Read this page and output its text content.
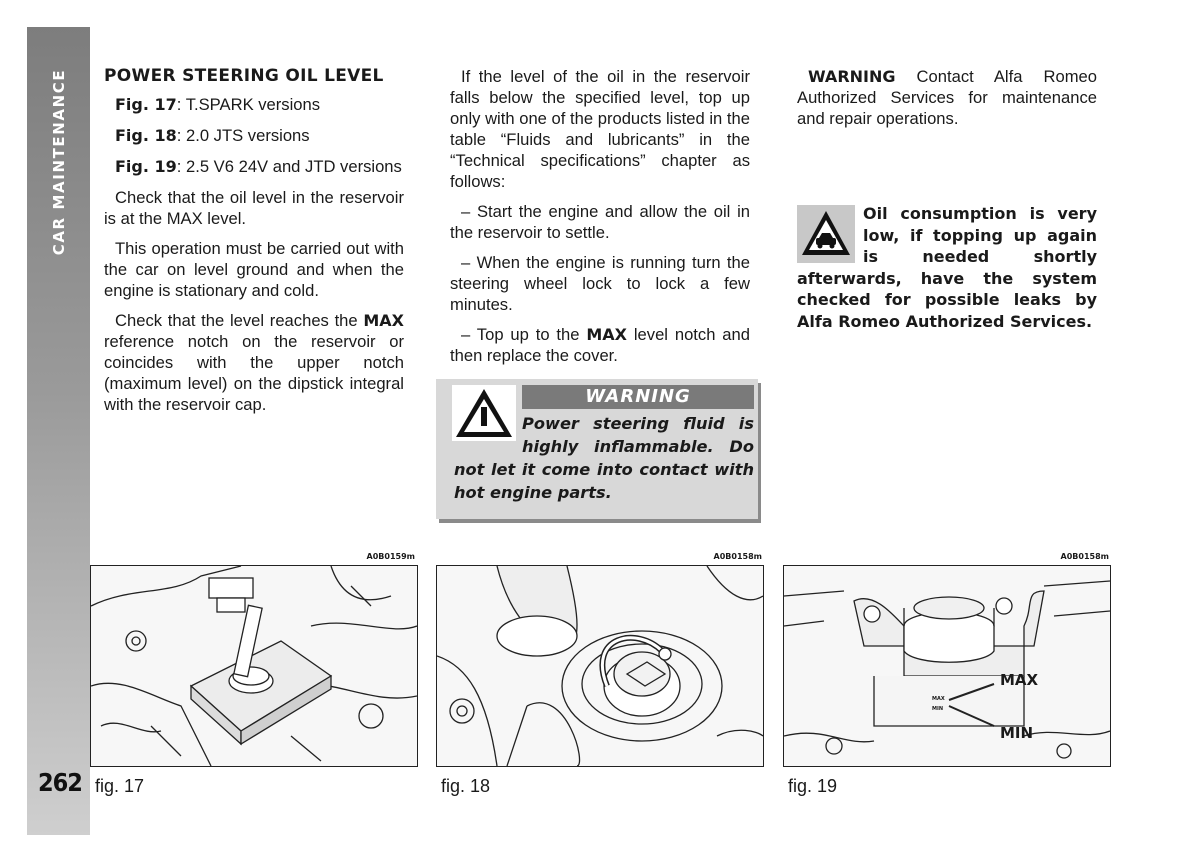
CAR MAINTENANCE
262

POWER STEERING OIL LEVEL

Fig. 17: T.SPARK versions

Fig. 18: 2.0 JTS versions

Fig. 19: 2.5 V6 24V and JTD versions

Check that the oil level in the reservoir is at the MAX level.

This operation must be carried out with the car on level ground and when the engine is stationary and cold.

Check that the level reaches the MAX reference notch on the reservoir or coincides with the upper notch (maximum level) on the dipstick integral with the reservoir cap.

If the level of the oil in the reservoir falls below the specified level, top up only with one of the products listed in the table “Fluids and lubricants” in the “Technical specifications” chapter as follows:

– Start the engine and allow the oil in the reservoir to settle.

– When the engine is running turn the steering wheel lock to lock a few minutes.

– Top up to the MAX level notch and then replace the cover.

WARNING
Power steering fluid is highly inflammable. Do not let it come into contact with hot engine parts.

WARNING Contact Alfa Romeo Authorized Services for maintenance and repair operations.

Oil consumption is very low, if topping up again is needed shortly afterwards, have the system checked for possible leaks by Alfa Romeo Authorized Services.
A0B0159m
fig. 17
A0B0158m
fig. 18
A0B0158m
MAX
MIN
MAX
MIN
fig. 19
